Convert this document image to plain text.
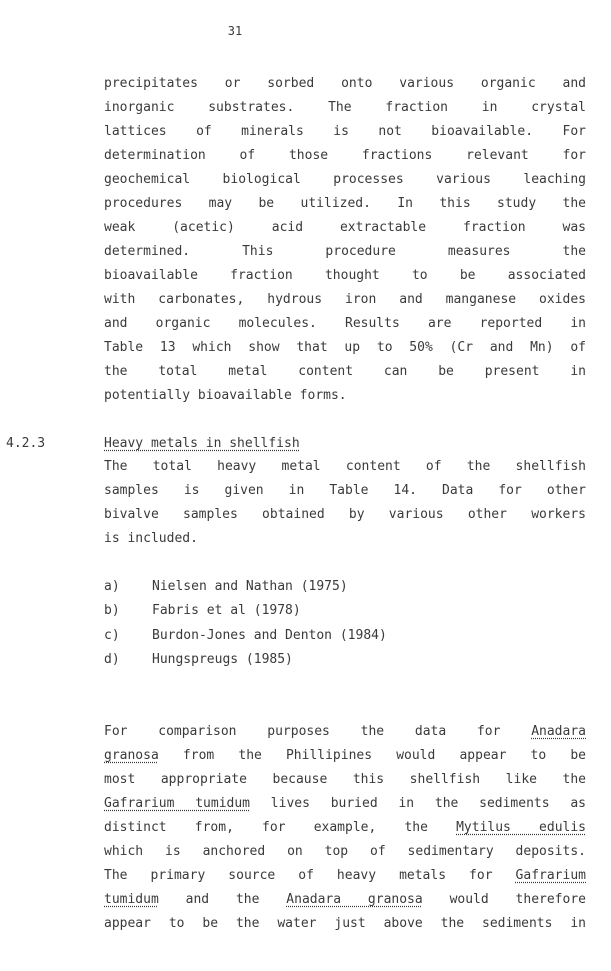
31
precipitates or sorbed onto various organic and
inorganic substrates. The fraction in crystal
lattices of minerals is not bioavailable. For
determination of those fractions relevant for
geochemical biological processes various leaching
procedures may be utilized. In this study the
weak (acetic) acid extractable fraction was
determined. This procedure measures the
bioavailable fraction thought to be associated
with carbonates, hydrous iron and manganese oxides
and organic molecules. Results are reported in
Table 13 which show that up to 50% (Cr and Mn) of
the total metal content can be present in
potentially bioavailable forms.
4.2.3	Heavy metals in shellfish
The total heavy metal content of the shellfish
samples is given in Table 14. Data for other
bivalve samples obtained by various other workers
is included.
a) Nielsen and Nathan (1975)
b) Fabris et al (1978)
c) Burdon-Jones and Denton (1984)
d) Hungspreugs (1985)
For comparison purposes the data for Anadara
granosa from the Phillipines would appear to be
most appropriate because this shellfish like the
Gafrarium tumidum lives buried in the sediments as
distinct from, for example, the Mytilus edulis
which is anchored on top of sedimentary deposits.
The primary source of heavy metals for Gafrarium
tumidum and the Anadara granosa would therefore
appear to be the water just above the sediments in
